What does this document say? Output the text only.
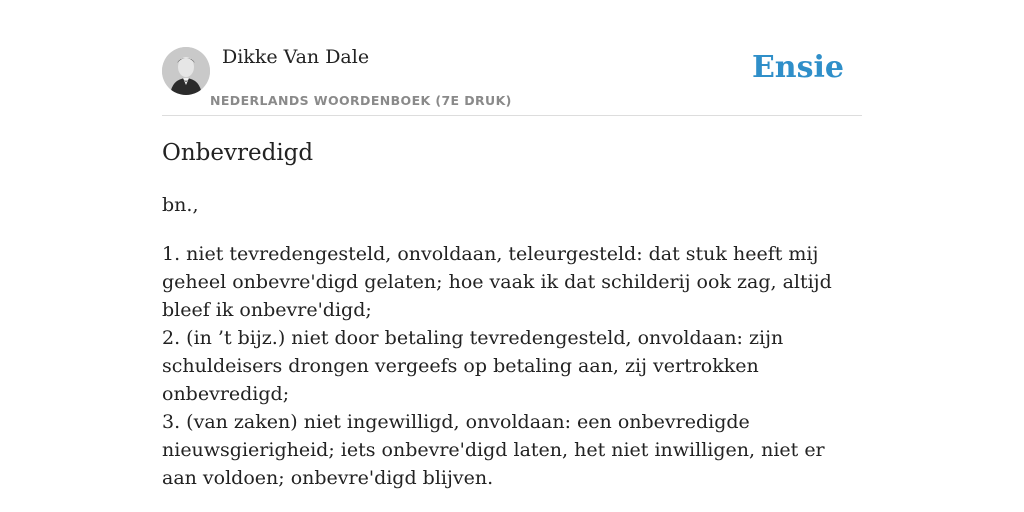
Dikke Van Dale
NEDERLANDS WOORDENBOEK (7E DRUK)
Ensie
Onbevredigd
bn.,
1. niet tevredengesteld, onvoldaan, teleurgesteld: dat stuk heeft mij geheel onbevre'digd gelaten; hoe vaak ik dat schilderij ook zag, altijd bleef ik onbevre'digd;
2. (in ’t bijz.) niet door betaling tevredengesteld, onvoldaan: zijn schuldeisers drongen vergeefs op betaling aan, zij vertrokken onbevredigd;
3. (van zaken) niet ingewilligd, onvoldaan: een onbevredigde nieuwsgierigheid; iets onbevre'digd laten, het niet inwilligen, niet er aan voldoen; onbevre'digd blijven.
